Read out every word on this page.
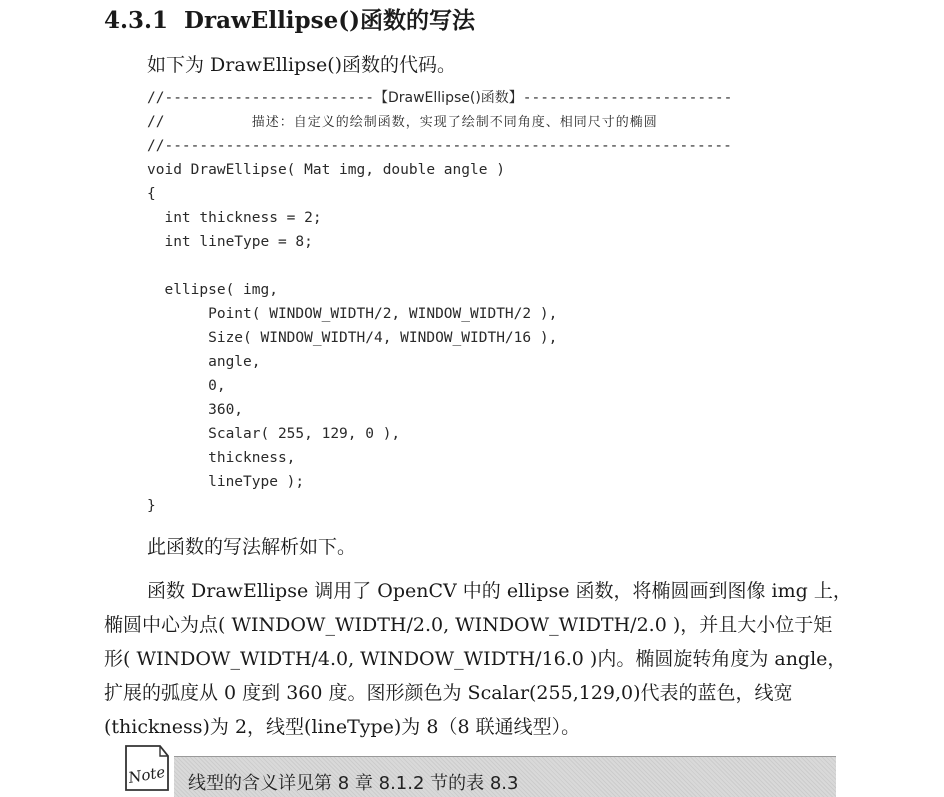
4.3.1 DrawEllipse()函数的写法
如下为 DrawEllipse()函数的代码。
//------------------------【DrawEllipse()函数】------------------------
//          描述：自定义的绘制函数，实现了绘制不同角度、相同尺寸的椭圆
//-----------------------------------------------------------------
void DrawEllipse( Mat img, double angle )
{
int thickness = 2;
int lineType = 8;
ellipse( img,
Point( WINDOW_WIDTH/2, WINDOW_WIDTH/2 ),
Size( WINDOW_WIDTH/4, WINDOW_WIDTH/16 ),
angle,
0,
360,
Scalar( 255, 129, 0 ),
thickness,
lineType );
}
此函数的写法解析如下。
函数 DrawEllipse 调用了 OpenCV 中的 ellipse 函数，将椭圆画到图像 img 上，
椭圆中心为点( WINDOW_WIDTH/2.0, WINDOW_WIDTH/2.0 )，并且大小位于矩
形( WINDOW_WIDTH/4.0, WINDOW_WIDTH/16.0 )内。椭圆旋转角度为 angle，
扩展的弧度从 0 度到 360 度。图形颜色为 Scalar(255,129,0)代表的蓝色，线宽
(thickness)为 2，线型(lineType)为 8（8 联通线型）。
Note 线型的含义详见第 8 章 8.1.2 节的表 8.3
